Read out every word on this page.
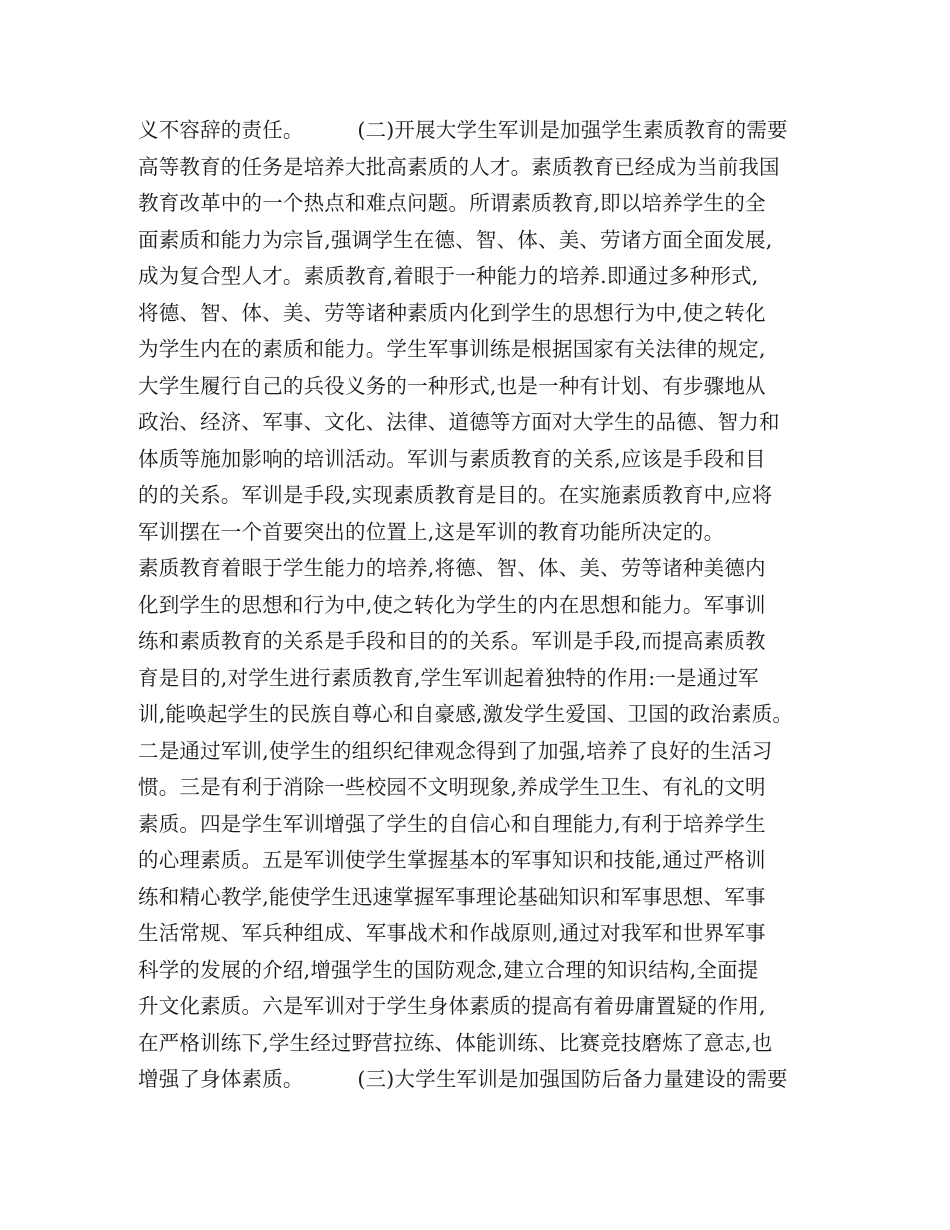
义不容辞的责任。        (二)开展大学生军训是加强学生素质教育的需要
高等教育的任务是培养大批高素质的人才。素质教育已经成为当前我国
教育改革中的一个热点和难点问题。所谓素质教育,即以培养学生的全
面素质和能力为宗旨,强调学生在德、智、体、美、劳诸方面全面发展,
成为复合型人才。素质教育,着眼于一种能力的培养.即通过多种形式,
将德、智、体、美、劳等诸种素质内化到学生的思想行为中,使之转化
为学生内在的素质和能力。学生军事训练是根据国家有关法律的规定,
大学生履行自己的兵役义务的一种形式,也是一种有计划、有步骤地从
政治、经济、军事、文化、法律、道德等方面对大学生的品德、智力和
体质等施加影响的培训活动。军训与素质教育的关系,应该是手段和目
的的关系。军训是手段,实现素质教育是目的。在实施素质教育中,应将
军训摆在一个首要突出的位置上,这是军训的教育功能所决定的。
素质教育着眼于学生能力的培养,将德、智、体、美、劳等诸种美德内
化到学生的思想和行为中,使之转化为学生的内在思想和能力。军事训
练和素质教育的关系是手段和目的的关系。军训是手段,而提高素质教
育是目的,对学生进行素质教育,学生军训起着独特的作用:一是通过军
训,能唤起学生的民族自尊心和自豪感,激发学生爱国、卫国的政治素质。
二是通过军训,使学生的组织纪律观念得到了加强,培养了良好的生活习
惯。三是有利于消除一些校园不文明现象,养成学生卫生、有礼的文明
素质。四是学生军训增强了学生的自信心和自理能力,有利于培养学生
的心理素质。五是军训使学生掌握基本的军事知识和技能,通过严格训
练和精心教学,能使学生迅速掌握军事理论基础知识和军事思想、军事
生活常规、军兵种组成、军事战术和作战原则,通过对我军和世界军事
科学的发展的介绍,增强学生的国防观念,建立合理的知识结构,全面提
升文化素质。六是军训对于学生身体素质的提高有着毋庸置疑的作用,
在严格训练下,学生经过野营拉练、体能训练、比赛竞技磨炼了意志,也
增强了身体素质。        (三)大学生军训是加强国防后备力量建设的需要
